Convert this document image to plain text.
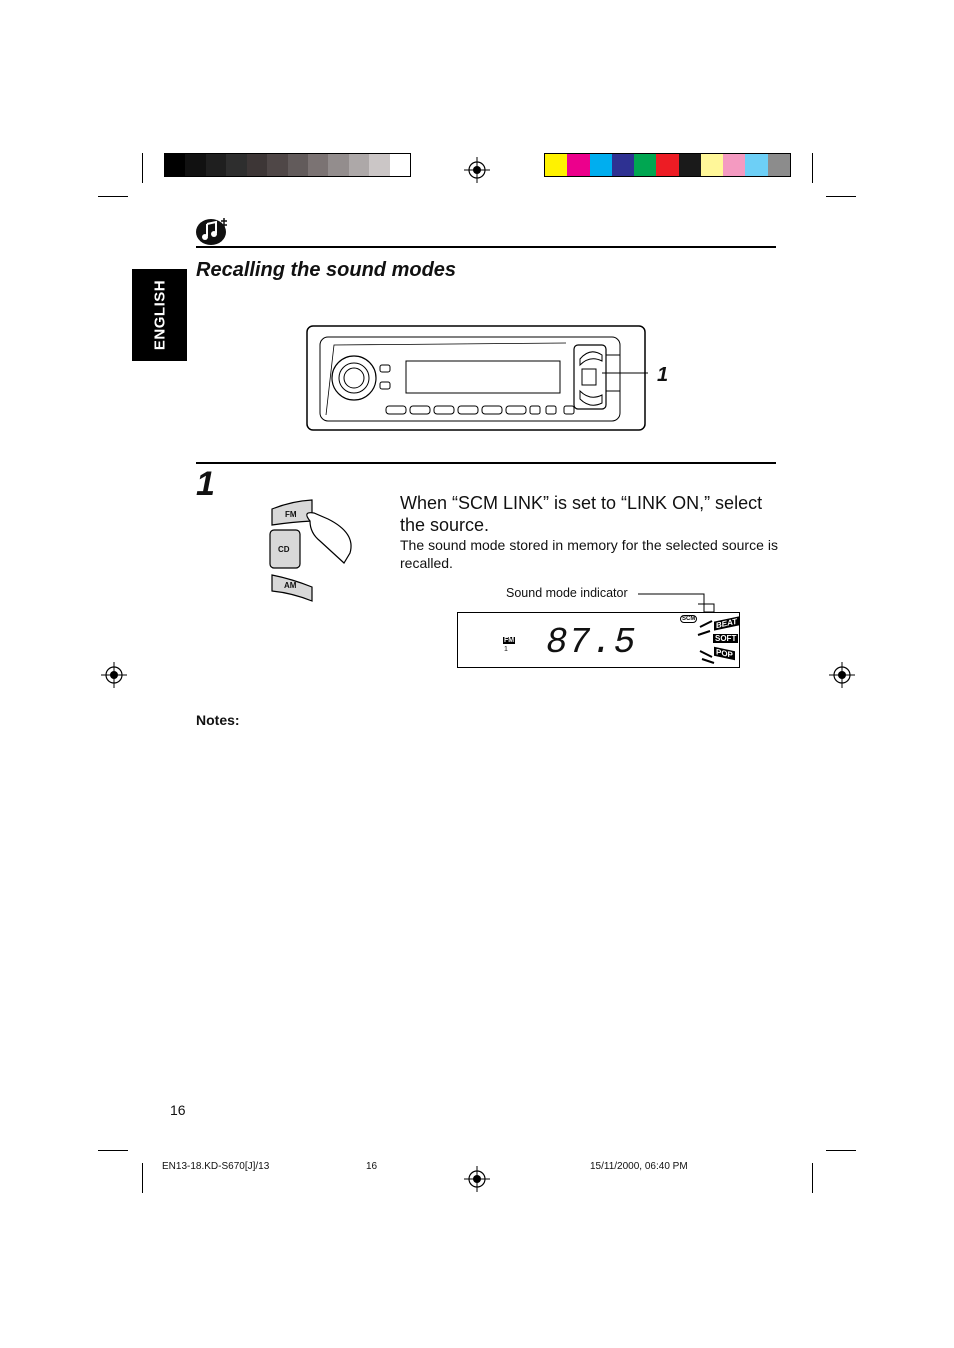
ENGLISH
Recalling the sound modes
1
1
FM
CD
AM
When “SCM LINK” is set to “LINK ON,” select the source.
The sound mode stored in memory for the selected source is recalled.
Sound mode indicator
FM
1 87.5
SCM	BEAT
SOFT
POP
Notes:
16
EN13-18.KD-S670[J]/13	16	15/11/2000, 06:40 PM
